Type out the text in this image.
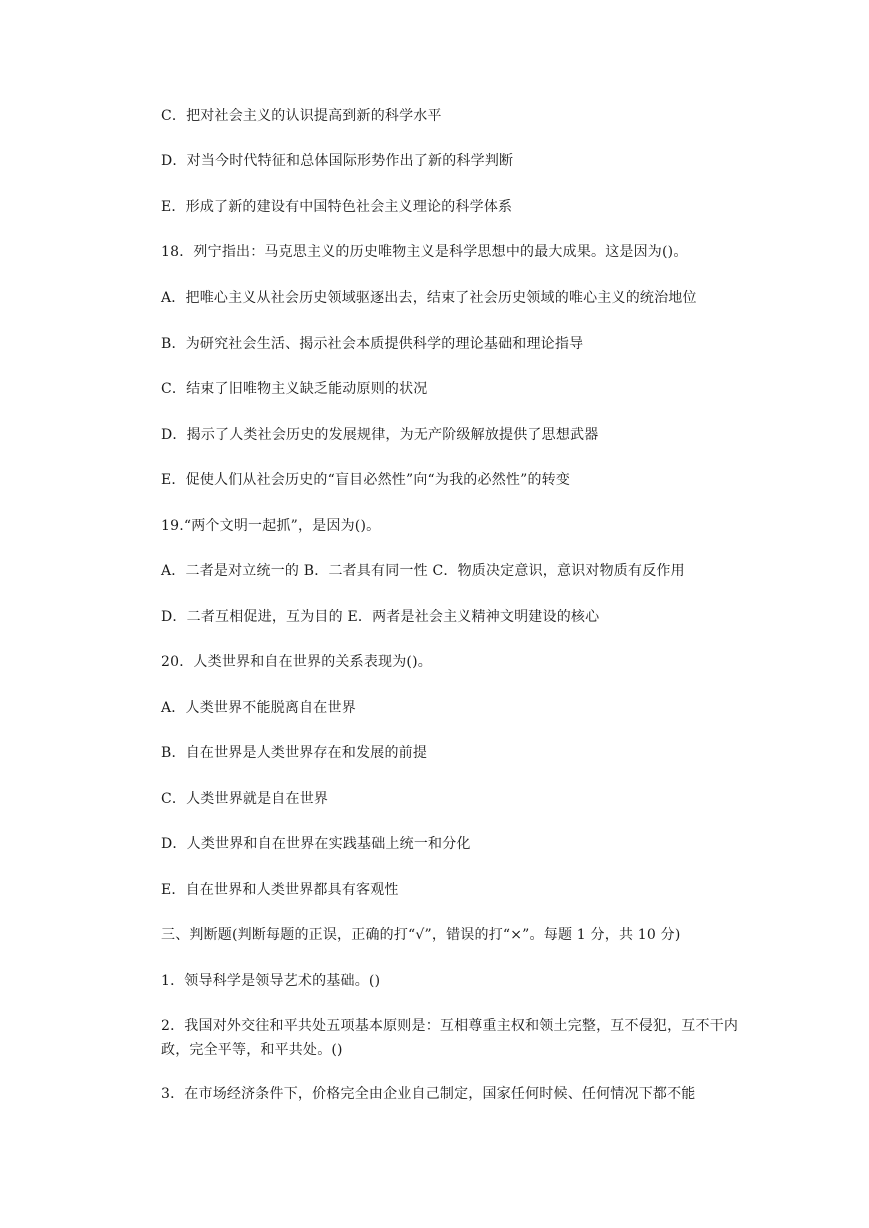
C．把对社会主义的认识提高到新的科学水平
D．对当今时代特征和总体国际形势作出了新的科学判断
E．形成了新的建设有中国特色社会主义理论的科学体系
18．列宁指出：马克思主义的历史唯物主义是科学思想中的最大成果。这是因为()。
A．把唯心主义从社会历史领域驱逐出去，结束了社会历史领域的唯心主义的统治地位
B．为研究社会生活、揭示社会本质提供科学的理论基础和理论指导
C．结束了旧唯物主义缺乏能动原则的状况
D．揭示了人类社会历史的发展规律，为无产阶级解放提供了思想武器
E．促使人们从社会历史的“盲目必然性”向“为我的必然性”的转变
19.“两个文明一起抓”，是因为()。
A．二者是对立统一的 B．二者具有同一性 C．物质决定意识，意识对物质有反作用
D．二者互相促进，互为目的 E．两者是社会主义精神文明建设的核心
20．人类世界和自在世界的关系表现为()。
A．人类世界不能脱离自在世界
B．自在世界是人类世界存在和发展的前提
C．人类世界就是自在世界
D．人类世界和自在世界在实践基础上统一和分化
E．自在世界和人类世界都具有客观性
三、判断题(判断每题的正误，正确的打“√”，错误的打“×”。每题 1 分，共 10 分)
1．领导科学是领导艺术的基础。()
2．我国对外交往和平共处五项基本原则是：互相尊重主权和领土完整，互不侵犯，互不干内政，完全平等，和平共处。()
3．在市场经济条件下，价格完全由企业自己制定，国家任何时候、任何情况下都不能
